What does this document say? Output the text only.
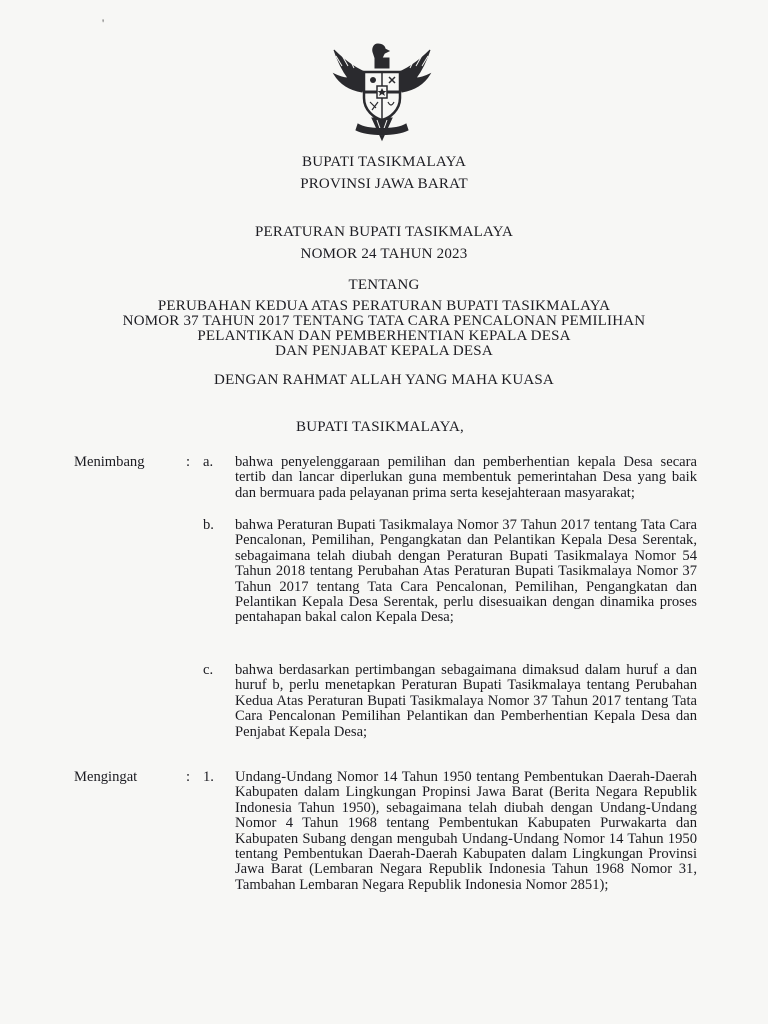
'
BUPATI TASIKMALAYA
PROVINSI JAWA BARAT
PERATURAN BUPATI TASIKMALAYA
NOMOR 24 TAHUN 2023
TENTANG
PERUBAHAN KEDUA ATAS PERATURAN BUPATI TASIKMALAYA
NOMOR 37 TAHUN 2017 TENTANG TATA CARA PENCALONAN PEMILIHAN
PELANTIKAN DAN PEMBERHENTIAN KEPALA DESA
DAN PENJABAT KEPALA DESA
DENGAN RAHMAT ALLAH YANG MAHA KUASA
BUPATI TASIKMALAYA,
Menimbang	: a. bahwa penyelenggaraan pemilihan dan pemberhentian kepala Desa secara tertib dan lancar diperlukan guna membentuk pemerintahan Desa yang baik dan bermuara pada pelayanan prima serta kesejahteraan masyarakat;
b. bahwa Peraturan Bupati Tasikmalaya Nomor 37 Tahun 2017 tentang Tata Cara Pencalonan, Pemilihan, Pengangkatan dan Pelantikan Kepala Desa Serentak, sebagaimana telah diubah dengan Peraturan Bupati Tasikmalaya Nomor 54 Tahun 2018 tentang Perubahan Atas Peraturan Bupati Tasikmalaya Nomor 37 Tahun 2017 tentang Tata Cara Pencalonan, Pemilihan, Pengangkatan dan Pelantikan Kepala Desa Serentak, perlu disesuaikan dengan dinamika proses pentahapan bakal calon Kepala Desa;
c. bahwa berdasarkan pertimbangan sebagaimana dimaksud dalam huruf a dan huruf b, perlu menetapkan Peraturan Bupati Tasikmalaya tentang Perubahan Kedua Atas Peraturan Bupati Tasikmalaya Nomor 37 Tahun 2017 tentang Tata Cara Pencalonan Pemilihan Pelantikan dan Pemberhentian Kepala Desa dan Penjabat Kepala Desa;
Mengingat	: 1. Undang-Undang Nomor 14 Tahun 1950 tentang Pembentukan Daerah-Daerah Kabupaten dalam Lingkungan Propinsi Jawa Barat (Berita Negara Republik Indonesia Tahun 1950), sebagaimana telah diubah dengan Undang-Undang Nomor 4 Tahun 1968 tentang Pembentukan Kabupaten Purwakarta dan Kabupaten Subang dengan mengubah Undang-Undang Nomor 14 Tahun 1950 tentang Pembentukan Daerah-Daerah Kabupaten dalam Lingkungan Provinsi Jawa Barat (Lembaran Negara Republik Indonesia Tahun 1968 Nomor 31, Tambahan Lembaran Negara Republik Indonesia Nomor 2851);
